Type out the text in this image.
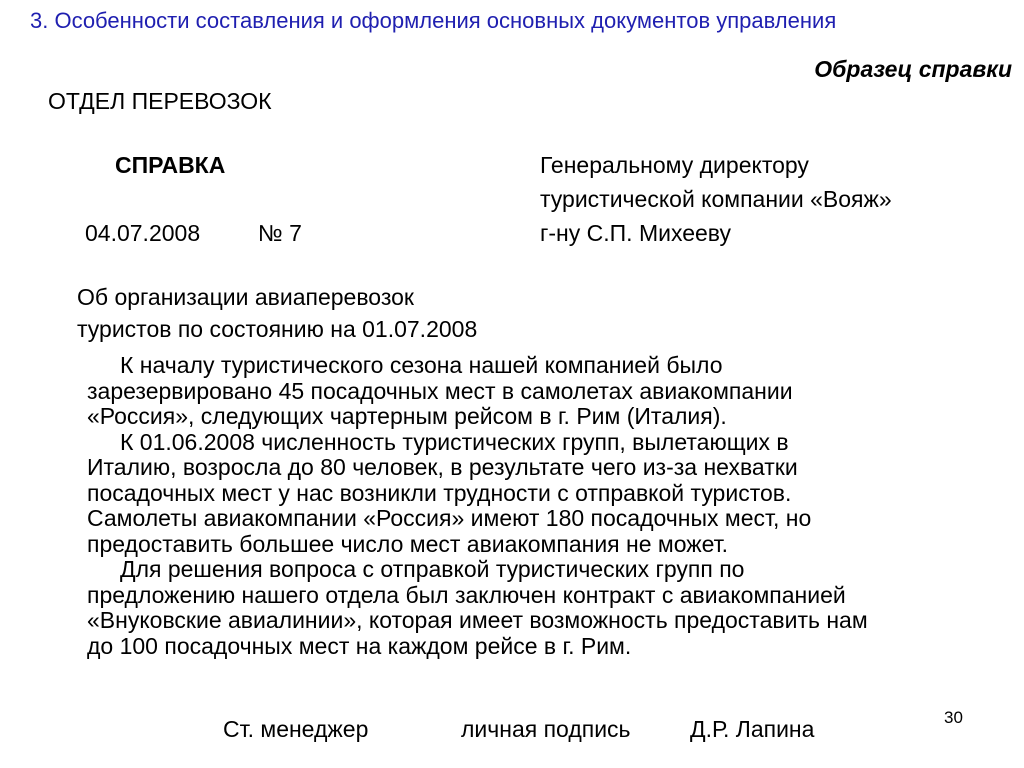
3. Особенности составления и оформления основных документов управления
Образец справки
ОТДЕЛ ПЕРЕВОЗОК
СПРАВКА	Генеральному директору
туристической компании «Вояж»
г-ну С.П. Михееву
04.07.2008	№ 7
Об организации авиаперевозок
туристов по состоянию на 01.07.2008
К началу туристического сезона нашей компанией было
зарезервировано 45 посадочных мест в самолетах авиакомпании
«Россия», следующих чартерным рейсом в г. Рим (Италия).
К 01.06.2008 численность туристических групп, вылетающих в
Италию, возросла до 80 человек, в результате чего из-за нехватки
посадочных мест у нас возникли трудности с отправкой туристов.
Самолеты авиакомпании «Россия» имеют 180 посадочных мест, но
предоставить большее число мест авиакомпания не может.
Для решения вопроса с отправкой туристических групп по
предложению нашего отдела был заключен контракт с авиакомпанией
«Внуковские авиалинии», которая имеет возможность предоставить нам
до 100 посадочных мест на каждом рейсе в г. Рим.
Ст. менеджер	личная подпись	Д.Р. Лапина	30
